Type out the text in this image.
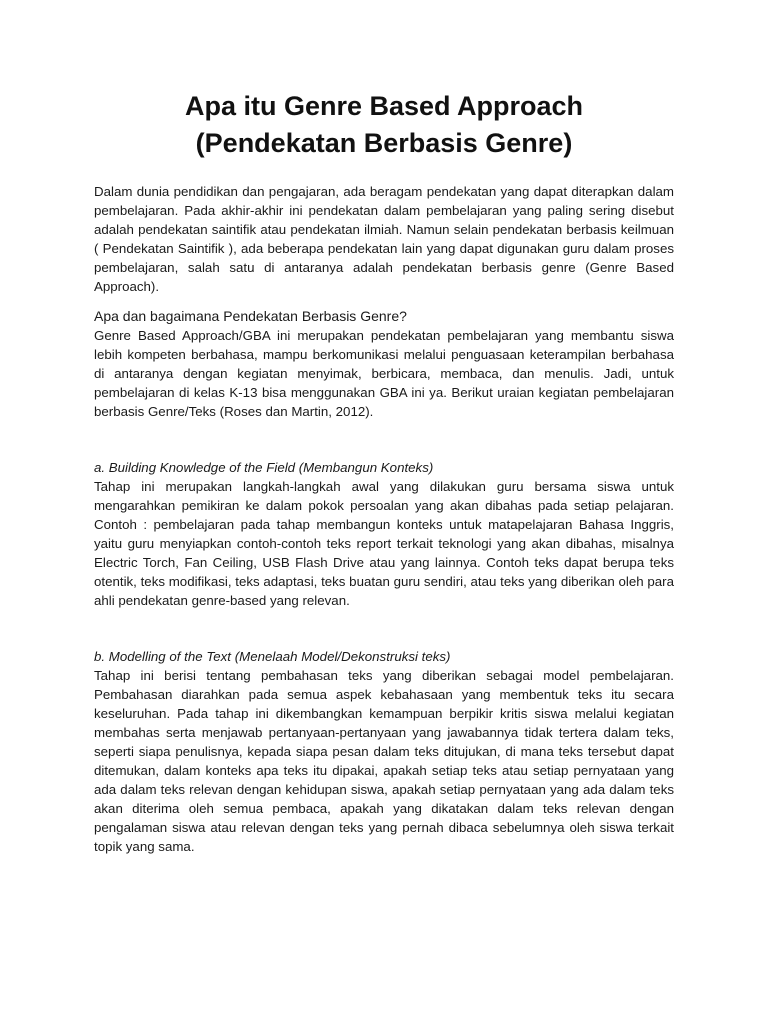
Apa itu Genre Based Approach
(Pendekatan Berbasis Genre)

Dalam dunia pendidikan dan pengajaran, ada beragam pendekatan yang dapat diterapkan dalam pembelajaran. Pada akhir-akhir ini pendekatan dalam pembelajaran yang paling sering disebut adalah pendekatan saintifik atau pendekatan ilmiah. Namun selain pendekatan berbasis keilmuan ( Pendekatan Saintifik ), ada beberapa pendekatan lain yang dapat digunakan guru dalam proses pembelajaran, salah satu di antaranya adalah pendekatan berbasis genre (Genre Based Approach).

Apa dan bagaimana Pendekatan Berbasis Genre?

Genre Based Approach/GBA ini merupakan pendekatan pembelajaran yang membantu siswa lebih kompeten berbahasa, mampu berkomunikasi melalui penguasaan keterampilan berbahasa di antaranya dengan kegiatan menyimak, berbicara, membaca, dan menulis. Jadi, untuk pembelajaran di kelas K-13 bisa menggunakan GBA ini ya. Berikut uraian kegiatan pembelajaran berbasis Genre/Teks (Roses dan Martin, 2012).

a. Building Knowledge of the Field (Membangun Konteks)

Tahap ini merupakan langkah-langkah awal yang dilakukan guru bersama siswa untuk mengarahkan pemikiran ke dalam pokok persoalan yang akan dibahas pada setiap pelajaran. Contoh : pembelajaran pada tahap membangun konteks untuk matapelajaran Bahasa Inggris, yaitu guru menyiapkan contoh-contoh teks report terkait teknologi yang akan dibahas, misalnya Electric Torch, Fan Ceiling, USB Flash Drive atau yang lainnya. Contoh teks dapat berupa teks otentik, teks modifikasi, teks adaptasi, teks buatan guru sendiri, atau teks yang diberikan oleh para ahli pendekatan genre-based yang relevan.

b. Modelling of the Text (Menelaah Model/Dekonstruksi teks)

Tahap ini berisi tentang pembahasan teks yang diberikan sebagai model pembelajaran. Pembahasan diarahkan pada semua aspek kebahasaan yang membentuk teks itu secara keseluruhan. Pada tahap ini dikembangkan kemampuan berpikir kritis siswa melalui kegiatan membahas serta menjawab pertanyaan-pertanyaan yang jawabannya tidak tertera dalam teks, seperti siapa penulisnya, kepada siapa pesan dalam teks ditujukan, di mana teks tersebut dapat ditemukan, dalam konteks apa teks itu dipakai, apakah setiap teks atau setiap pernyataan yang ada dalam teks relevan dengan kehidupan siswa, apakah setiap pernyataan yang ada dalam teks akan diterima oleh semua pembaca, apakah yang dikatakan dalam teks relevan dengan pengalaman siswa atau relevan dengan teks yang pernah dibaca sebelumnya oleh siswa terkait topik yang sama.
